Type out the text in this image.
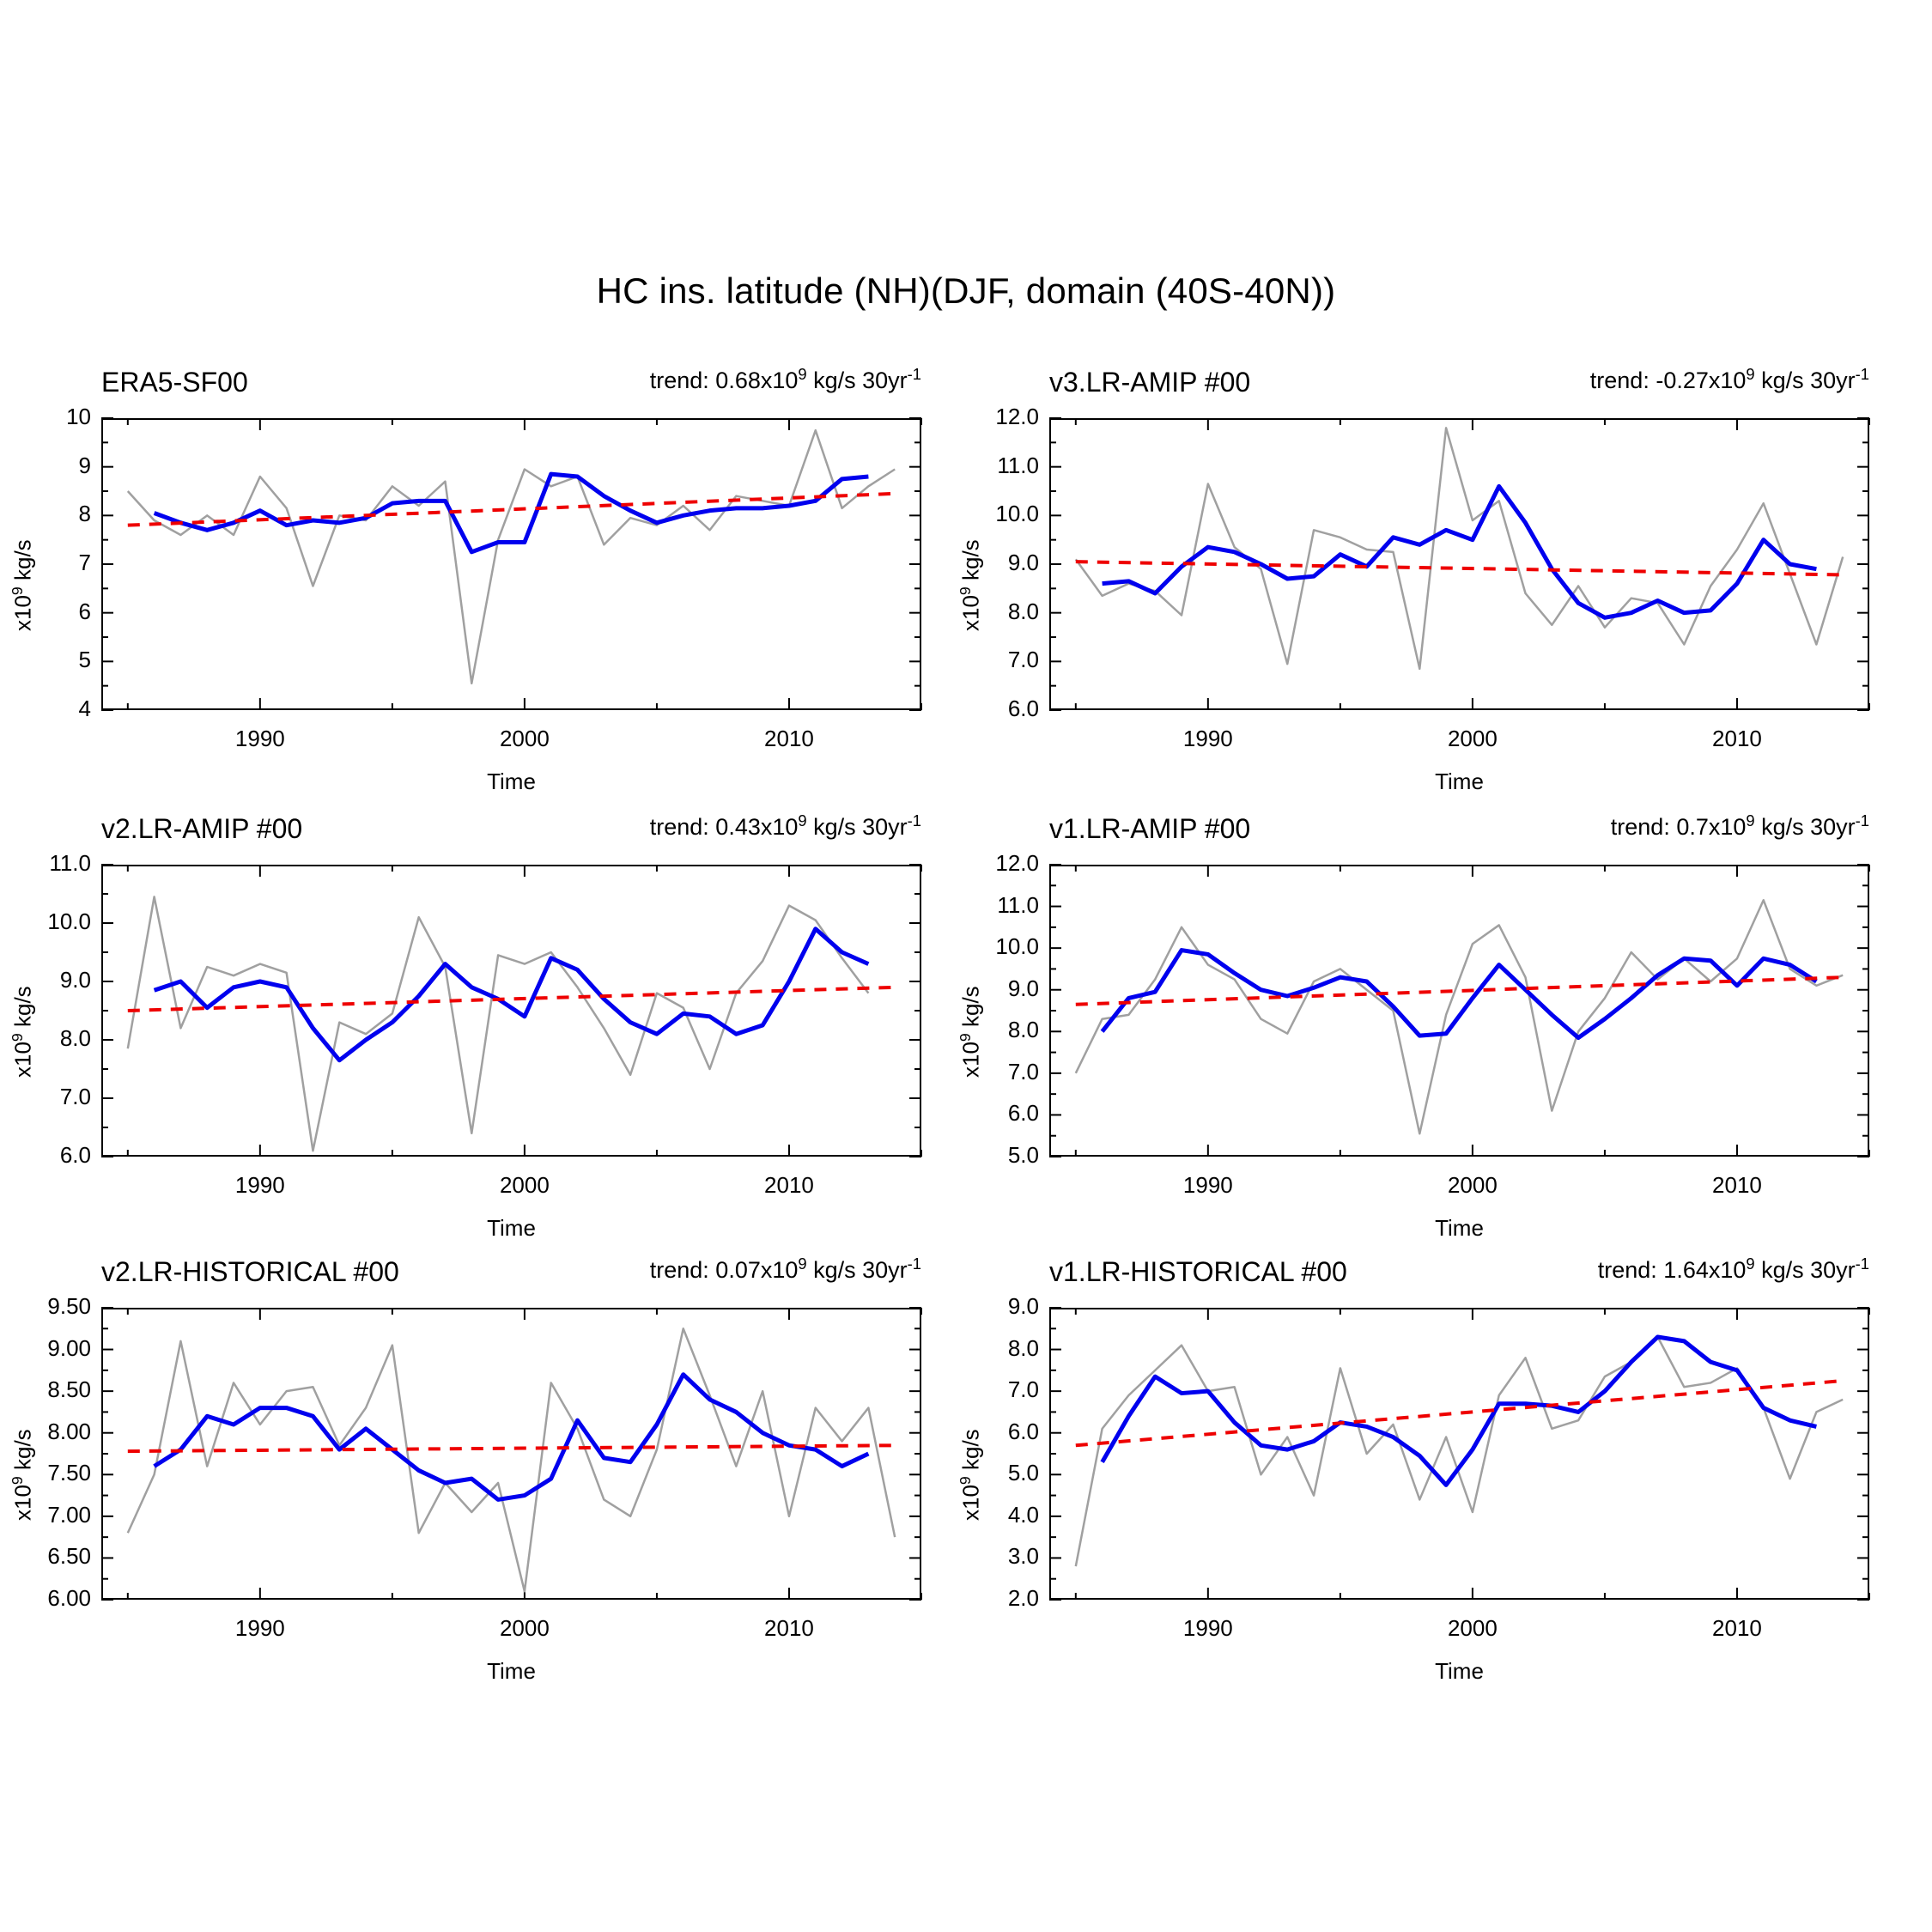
HC ins. latitude (NH)(DJF, domain (40S-40N))
ERA5-SF00	trend: $0.68x10^9$ kg/s $30yr^{-1}$
$x10^9$ kg/s
Time
4
5
6
7
8
9
10
1990	2000	2010
v3.LR-AMIP #00	trend: $-0.27x10^9$ kg/s $30yr^{-1}$
$x10^9$ kg/s
Time
6.0
7.0
8.0
9.0
10.0
11.0
12.0
1990	2000	2010
v2.LR-AMIP #00	trend: $0.43x10^9$ kg/s $30yr^{-1}$
$x10^9$ kg/s
Time
6.0
7.0
8.0
9.0
10.0
11.0
1990	2000	2010
v1.LR-AMIP #00	trend: $0.7x10^9$ kg/s $30yr^{-1}$
$x10^9$ kg/s
Time
5.0
6.0
7.0
8.0
9.0
10.0
11.0
12.0
1990	2000	2010
v2.LR-HISTORICAL #00	trend: $0.07x10^9$ kg/s $30yr^{-1}$
$x10^9$ kg/s
Time
6.00
6.50
7.00
7.50
8.00
8.50
9.00
9.50
1990	2000	2010
v1.LR-HISTORICAL #00	trend: $1.64x10^9$ kg/s $30yr^{-1}$
$x10^9$ kg/s
Time
2.0
3.0
4.0
5.0
6.0
7.0
8.0
9.0
1990	2000	2010
